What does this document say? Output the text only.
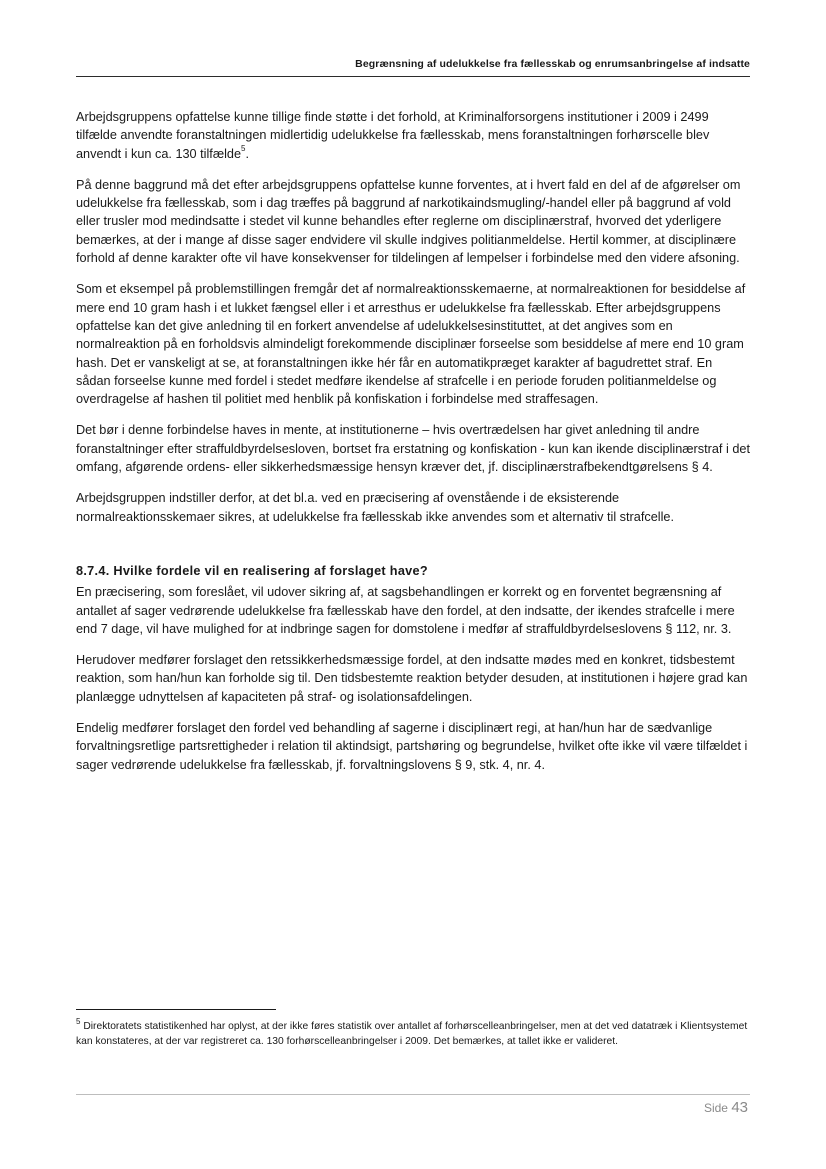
Begrænsning af udelukkelse fra fællesskab og enrumsanbringelse af indsatte

Arbejdsgruppens opfattelse kunne tillige finde støtte i det forhold, at Kriminalforsorgens institutioner i 2009 i 2499 tilfælde anvendte foranstaltningen midlertidig udelukkelse fra fællesskab, mens foranstaltningen forhørscelle blev anvendt i kun ca. 130 tilfælde$^5$.

På denne baggrund må det efter arbejdsgruppens opfattelse kunne forventes, at i hvert fald en del af de afgørelser om udelukkelse fra fællesskab, som i dag træffes på baggrund af narkotikaindsmugling/-handel eller på baggrund af vold eller trusler mod medindsatte i stedet vil kunne behandles efter reglerne om disciplinærstraf, hvorved det yderligere bemærkes, at der i mange af disse sager endvidere vil skulle indgives politianmeldelse. Hertil kommer, at disciplinære forhold af denne karakter ofte vil have konsekvenser for tildelingen af lempelser i forbindelse med den videre afsoning.

Som et eksempel på problemstillingen fremgår det af normalreaktionsskemaerne, at normalreaktionen for besiddelse af mere end 10 gram hash i et lukket fængsel eller i et arresthus er udelukkelse fra fællesskab. Efter arbejdsgruppens opfattelse kan det give anledning til en forkert anvendelse af udelukkelsesinstituttet, at det angives som en normalreaktion på en forholdsvis almindeligt forekommende disciplinær forseelse som besiddelse af mere end 10 gram hash. Det er vanskeligt at se, at foranstaltningen ikke hér får en automatikpræget karakter af bagudrettet straf. En sådan forseelse kunne med fordel i stedet medføre ikendelse af strafcelle i en periode foruden politianmeldelse og overdragelse af hashen til politiet med henblik på konfiskation i forbindelse med straffesagen.

Det bør i denne forbindelse haves in mente, at institutionerne – hvis overtrædelsen har givet anledning til andre foranstaltninger efter straffuldbyrdelsesloven, bortset fra erstatning og konfiskation - kun kan ikende disciplinærstraf i det omfang, afgørende ordens- eller sikkerhedsmæssige hensyn kræver det, jf. disciplinærstrafbekendtgørelsens § 4.

Arbejdsgruppen indstiller derfor, at det bl.a. ved en præcisering af ovenstående i de eksisterende normalreaktionsskemaer sikres, at udelukkelse fra fællesskab ikke anvendes som et alternativ til strafcelle.

8.7.4. Hvilke fordele vil en realisering af forslaget have?

En præcisering, som foreslået, vil udover sikring af, at sagsbehandlingen er korrekt og en forventet begrænsning af antallet af sager vedrørende udelukkelse fra fællesskab have den fordel, at den indsatte, der ikendes strafcelle i mere end 7 dage, vil have mulighed for at indbringe sagen for domstolene i medfør af straffuldbyrdelseslovens § 112, nr. 3.

Herudover medfører forslaget den retssikkerhedsmæssige fordel, at den indsatte mødes med en konkret, tidsbestemt reaktion, som han/hun kan forholde sig til. Den tidsbestemte reaktion betyder desuden, at institutionen i højere grad kan planlægge udnyttelsen af kapaciteten på straf- og isolationsafdelingen.

Endelig medfører forslaget den fordel ved behandling af sagerne i disciplinært regi, at han/hun har de sædvanlige forvaltningsretlige partsrettigheder i relation til aktindsigt, partshøring og begrundelse, hvilket ofte ikke vil være tilfældet i sager vedrørende udelukkelse fra fællesskab, jf. forvaltningslovens § 9, stk. 4, nr. 4.

$^5$ Direktoratets statistikenhed har oplyst, at der ikke føres statistik over antallet af forhørscelleanbringelser, men at det ved datatræk i Klientsystemet kan konstateres, at der var registreret ca. 130 forhørscelleanbringelser i 2009. Det bemærkes, at tallet ikke er valideret.
Side 43
